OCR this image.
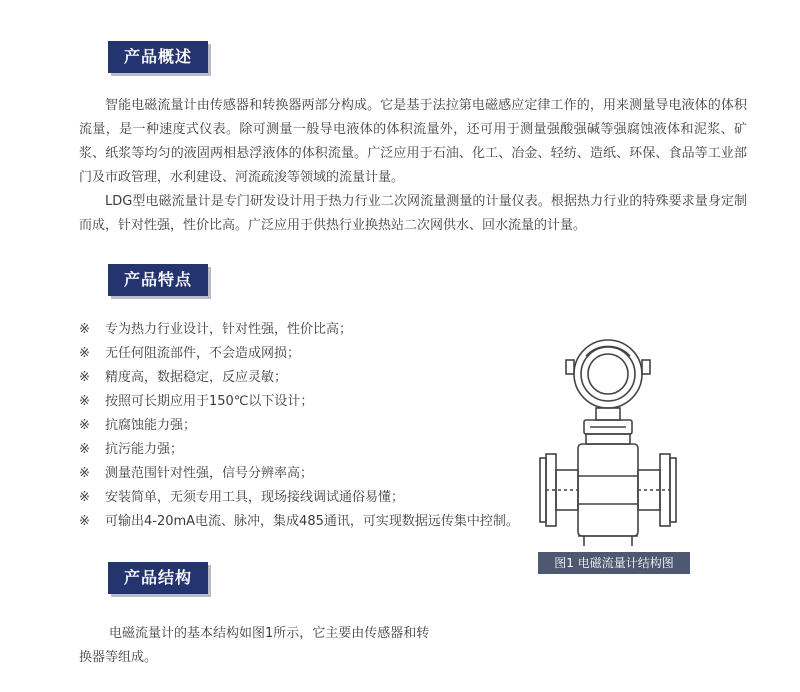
产品概述

智能电磁流量计由传感器和转换器两部分构成。它是基于法拉第电磁感应定律工作的，用来测量导电液体的体积流量，是一种速度式仪表。除可测量一般导电液体的体积流量外，还可用于测量强酸强碱等强腐蚀液体和泥浆、矿浆、纸浆等均匀的液固两相悬浮液体的体积流量。广泛应用于石油、化工、冶金、轻纺、造纸、环保、食品等工业部门及市政管理，水利建设、河流疏浚等领域的流量计量。

LDG型电磁流量计是专门研发设计用于热力行业二次网流量测量的计量仪表。根据热力行业的特殊要求量身定制而成，针对性强，性价比高。广泛应用于供热行业换热站二次网供水、回水流量的计量。

产品特点
※ 专为热力行业设计，针对性强，性价比高；
※ 无任何阻流部件，不会造成网损；
※ 精度高，数据稳定，反应灵敏；
※ 按照可长期应用于150℃以下设计；
※ 抗腐蚀能力强；
※ 抗污能力强；
※ 测量范围针对性强，信号分辨率高；
※ 安装简单，无须专用工具，现场接线调试通俗易懂；
※ 可输出4-20mA电流、脉冲，集成485通讯，可实现数据远传集中控制。
图1 电磁流量计结构图
产品结构

电磁流量计的基本结构如图1所示，它主要由传感器和转换器等组成。
